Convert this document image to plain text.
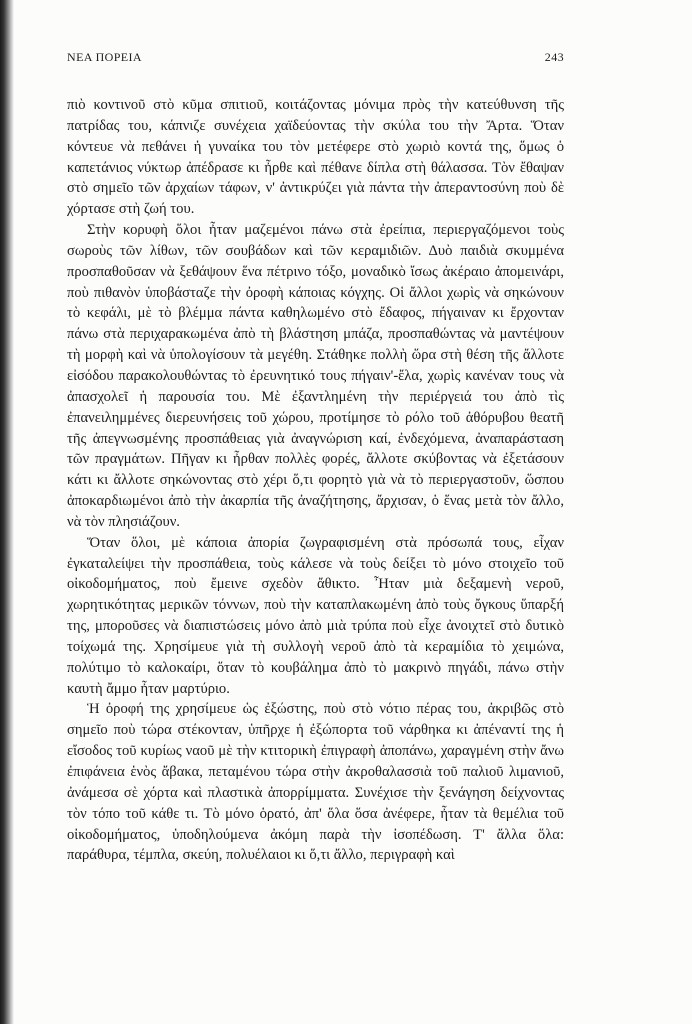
ΝΕΑ ΠΟΡΕΙΑ	243

πιὸ κοντινοῦ στὸ κῦμα σπιτιοῦ, κοιτάζοντας μόνιμα πρὸς τὴν κατεύθυνση τῆς πατρίδας του, κάπνιζε συνέχεια χαϊδεύοντας τὴν σκύλα του τὴν Ἄρτα. Ὅταν κόντευε νὰ πεθάνει ἡ γυναίκα του τὸν μετέφερε στὸ χωριὸ κοντά της, ὅμως ὁ καπετάνιος νύκτωρ ἀπέδρασε κι ἦρθε καὶ πέθανε δίπλα στὴ θάλασσα. Τὸν ἔθαψαν στὸ σημεῖο τῶν ἀρχαίων τάφων, ν' ἀντικρύζει γιὰ πάντα τὴν ἀπεραντοσύνη ποὺ δὲ χόρτασε στὴ ζωή του.

Στὴν κορυφὴ ὅλοι ἦταν μαζεμένοι πάνω στὰ ἐρείπια, περιεργαζόμενοι τοὺς σωροὺς τῶν λίθων, τῶν σουβάδων καὶ τῶν κεραμιδιῶν. Δυὸ παιδιὰ σκυμμένα προσπαθοῦσαν νὰ ξεθάψουν ἕνα πέτρινο τόξο, μοναδικὸ ἴσως ἀκέραιο ἀπομεινάρι, ποὺ πιθανὸν ὑποβάσταζε τὴν ὀροφὴ κάποιας κόγχης. Οἱ ἄλλοι χωρὶς νὰ σηκώνουν τὸ κεφάλι, μὲ τὸ βλέμμα πάντα καθηλωμένο στὸ ἔδαφος, πήγαιναν κι ἔρχονταν πάνω στὰ περιχαρακωμένα ἀπὸ τὴ βλάστηση μπάζα, προσπαθώντας νὰ μαντέψουν τὴ μορφὴ καὶ νὰ ὑπολογίσουν τὰ μεγέθη. Στάθηκε πολλὴ ὥρα στὴ θέση τῆς ἄλλοτε εἰσόδου παρακολουθώντας τὸ ἐρευνητικό τους πήγαιν'-ἔλα, χωρὶς κανέναν τους νὰ ἀπασχολεῖ ἡ παρουσία του. Μὲ ἐξαντλημένη τὴν περιέργειά του ἀπὸ τὶς ἐπανειλημμένες διερευνήσεις τοῦ χώρου, προτίμησε τὸ ρόλο τοῦ ἀθόρυβου θεατῆ τῆς ἀπεγνωσμένης προσπάθειας γιὰ ἀναγνώριση καί, ἐνδεχόμενα, ἀναπαράσταση τῶν πραγμάτων. Πῆγαν κι ἦρθαν πολλὲς φορές, ἄλλοτε σκύβοντας νὰ ἐξετάσουν κάτι κι ἄλλοτε σηκώνοντας στὸ χέρι ὅ,τι φορητὸ γιὰ νὰ τὸ περιεργαστοῦν, ὥσπου ἀποκαρδιωμένοι ἀπὸ τὴν ἀκαρπία τῆς ἀναζήτησης, ἄρχισαν, ὁ ἕνας μετὰ τὸν ἄλλο, νὰ τὸν πλησιάζουν.

Ὅταν ὅλοι, μὲ κάποια ἀπορία ζωγραφισμένη στὰ πρόσωπά τους, εἶχαν ἐγκαταλείψει τὴν προσπάθεια, τοὺς κάλεσε νὰ τοὺς δείξει τὸ μόνο στοιχεῖο τοῦ οἰκοδομήματος, ποὺ ἔμεινε σχεδὸν ἄθικτο. Ἦταν μιὰ δεξαμενὴ νεροῦ, χωρητικότητας μερικῶν τόννων, ποὺ τὴν καταπλακωμένη ἀπὸ τοὺς ὄγκους ὕπαρξή της, μποροῦσες νὰ διαπιστώσεις μόνο ἀπὸ μιὰ τρύπα ποὺ εἶχε ἀνοιχτεῖ στὸ δυτικὸ τοίχωμά της. Χρησίμευε γιὰ τὴ συλλογὴ νεροῦ ἀπὸ τὰ κεραμίδια τὸ χειμώνα, πολύτιμο τὸ καλοκαίρι, ὅταν τὸ κουβάλημα ἀπὸ τὸ μακρινὸ πηγάδι, πάνω στὴν καυτὴ ἄμμο ἦταν μαρτύριο.

Ἡ ὀροφή της χρησίμευε ὡς ἐξώστης, ποὺ στὸ νότιο πέρας του, ἀκριβῶς στὸ σημεῖο ποὺ τώρα στέκονταν, ὑπῆρχε ἡ ἐξώπορτα τοῦ νάρθηκα κι ἀπέναντί της ἡ εἴσοδος τοῦ κυρίως ναοῦ μὲ τὴν κτιτορικὴ ἐπιγραφὴ ἀποπάνω, χαραγμένη στὴν ἄνω ἐπιφάνεια ἑνὸς ἄβακα, πεταμένου τώρα στὴν ἀκροθαλασσιὰ τοῦ παλιοῦ λιμανιοῦ, ἀνάμεσα σὲ χόρτα καὶ πλαστικὰ ἀπορρίμματα. Συνέχισε τὴν ξενάγηση δείχνοντας τὸν τόπο τοῦ κάθε τι. Τὸ μόνο ὁρατό, ἀπ' ὅλα ὅσα ἀνέφερε, ἦταν τὰ θεμέλια τοῦ οἰκοδομήματος, ὑποδηλούμενα ἀκόμη παρὰ τὴν ἰσοπέδωση. Τ' ἄλλα ὅλα: παράθυρα, τέμπλα, σκεύη, πολυέλαιοι κι ὅ,τι ἄλλο, περιγραφὴ καὶ
